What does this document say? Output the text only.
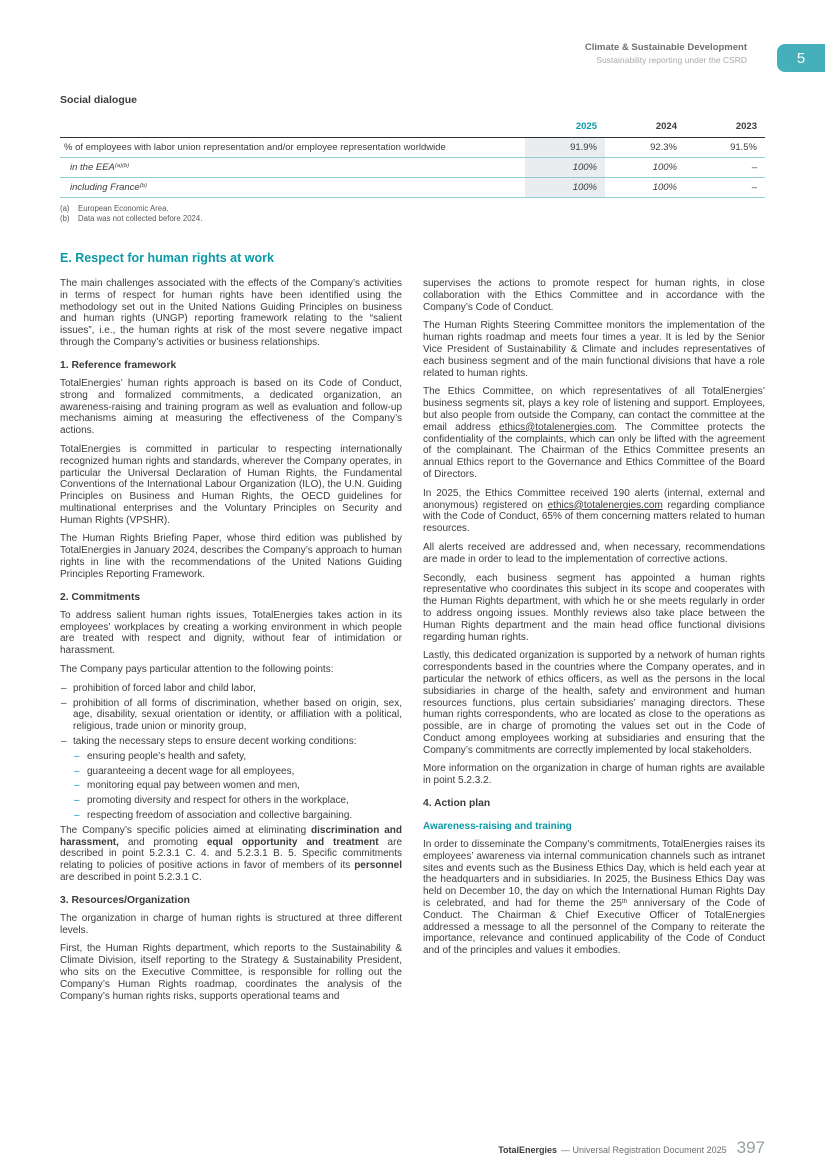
Climate & Sustainable Development
Sustainability reporting under the CSRD	5
Social dialogue
	2025	2024	2023
% of employees with labor union representation and/or employee representation worldwide	91.9%	92.3%	91.5%
in the $EEA^{(a)(b)}$	100%	100%	–
including France$^{(b)}$	100%	100%	–
(a)	European Economic Area.
(b)	Data was not collected before 2024.
E. Respect for human rights at work

The main challenges associated with the effects of the Company’s activities in terms of respect for human rights have been identified using the methodology set out in the United Nations Guiding Principles on business and human rights (UNGP) reporting framework relating to the “salient issues”, i.e., the human rights at risk of the most severe negative impact through the Company’s activities or business relationships.

1. Reference framework

TotalEnergies’ human rights approach is based on its Code of Conduct, strong and formalized commitments, a dedicated organization, an awareness-raising and training program as well as evaluation and follow-up mechanisms aiming at measuring the effectiveness of the Company’s actions.

TotalEnergies is committed in particular to respecting internationally recognized human rights and standards, wherever the Company operates, in particular the Universal Declaration of Human Rights, the Fundamental Conventions of the International Labour Organization (ILO), the U.N. Guiding Principles on Business and Human Rights, the OECD guidelines for multinational enterprises and the Voluntary Principles on Security and Human Rights (VPSHR).

The Human Rights Briefing Paper, whose third edition was published by TotalEnergies in January 2024, describes the Company’s approach to human rights in line with the recommendations of the United Nations Guiding Principles Reporting Framework.

2. Commitments

To address salient human rights issues, TotalEnergies takes action in its employees’ workplaces by creating a working environment in which people are treated with respect and dignity, without fear of intimidation or harassment.

The Company pays particular attention to the following points:

– prohibition of forced labor and child labor,
– prohibition of all forms of discrimination, whether based on origin, sex, age, disability, sexual orientation or identity, or affiliation with a political, religious, trade union or minority group,
– taking the necessary steps to ensure decent working conditions:
– ensuring people’s health and safety,
– guaranteeing a decent wage for all employees,
– monitoring equal pay between women and men,
– promoting diversity and respect for others in the workplace,
– respecting freedom of association and collective bargaining.

The Company’s specific policies aimed at eliminating discrimination and harassment, and promoting equal opportunity and treatment are described in point 5.2.3.1 C. 4. and 5.2.3.1 B. 5. Specific commitments relating to policies of positive actions in favor of members of its personnel are described in point 5.2.3.1 C.

3. Resources/Organization

The organization in charge of human rights is structured at three different levels.

First, the Human Rights department, which reports to the Sustainability & Climate Division, itself reporting to the Strategy & Sustainability President, who sits on the Executive Committee, is responsible for rolling out the Company’s Human Rights roadmap, coordinates the analysis of the Company’s human rights risks, supports operational teams and

supervises the actions to promote respect for human rights, in close collaboration with the Ethics Committee and in accordance with the Company’s Code of Conduct.

The Human Rights Steering Committee monitors the implementation of the human rights roadmap and meets four times a year. It is led by the Senior Vice President of Sustainability & Climate and includes representatives of each business segment and of the main functional divisions that have a role related to human rights.

The Ethics Committee, on which representatives of all TotalEnergies’ business segments sit, plays a key role of listening and support. Employees, but also people from outside the Company, can contact the committee at the email address ethics@totalenergies.com. The Committee protects the confidentiality of the complaints, which can only be lifted with the agreement of the complainant. The Chairman of the Ethics Committee presents an annual Ethics report to the Governance and Ethics Committee of the Board of Directors.

In 2025, the Ethics Committee received 190 alerts (internal, external and anonymous) registered on ethics@totalenergies.com regarding compliance with the Code of Conduct, 65% of them concerning matters related to human resources.

All alerts received are addressed and, when necessary, recommendations are made in order to lead to the implementation of corrective actions.

Secondly, each business segment has appointed a human rights representative who coordinates this subject in its scope and cooperates with the Human Rights department, with which he or she meets regularly in order to address ongoing issues. Monthly reviews also take place between the Human Rights department and the main head office functional divisions regarding human rights.

Lastly, this dedicated organization is supported by a network of human rights correspondents based in the countries where the Company operates, and in particular the network of ethics officers, as well as the persons in the local subsidiaries in charge of the health, safety and environment and human resources functions, plus certain subsidiaries’ managing directors. These human rights correspondents, who are located as close to the operations as possible, are in charge of promoting the values set out in the Code of Conduct among employees working at subsidiaries and ensuring that the Company’s commitments are correctly implemented by local stakeholders.

More information on the organization in charge of human rights are available in point 5.2.3.2.

4. Action plan
Awareness-raising and training

In order to disseminate the Company’s commitments, TotalEnergies raises its employees’ awareness via internal communication channels such as intranet sites and events such as the Business Ethics Day, which is held each year at the headquarters and in subsidiaries. In 2025, the Business Ethics Day was held on December 10, the day on which the International Human Rights Day is celebrated, and had for theme the 25th anniversary of the Code of Conduct. The Chairman & Chief Executive Officer of TotalEnergies addressed a message to all the personnel of the Company to reiterate the importance, relevance and continued applicability of the Code of Conduct and of the principles and values it embodies.

TotalEnergies — Universal Registration Document 2025 397
